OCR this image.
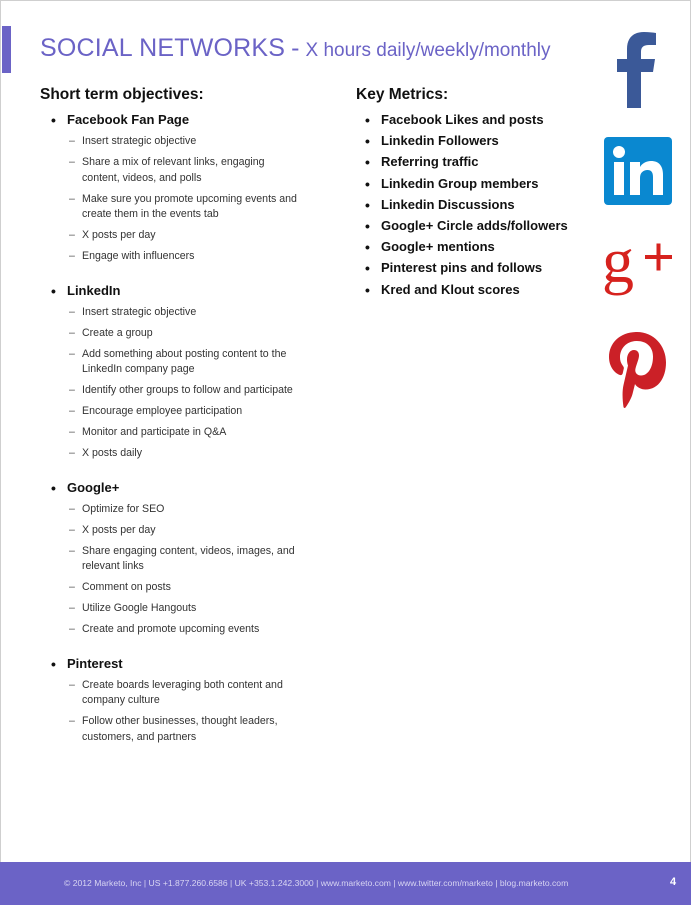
SOCIAL NETWORKS - X hours daily/weekly/monthly
Short term objectives:	Key Metrics:
• Facebook Fan Page
– Insert strategic objective
– Share a mix of relevant links, engaging content, videos, and polls
– Make sure you promote upcoming events and create them in the events tab
– X posts per day
– Engage with influencers
• LinkedIn
– Insert strategic objective
– Create a group
– Add something about posting content to the LinkedIn company page
– Identify other groups to follow and participate
– Encourage employee participation
– Monitor and participate in Q&A
– X posts daily
• Google+
– Optimize for SEO
– X posts per day
– Share engaging content, videos, images, and relevant links
– Comment on posts
– Utilize Google Hangouts
– Create and promote upcoming events
• Pinterest
– Create boards leveraging both content and company culture
– Follow other businesses, thought leaders, customers, and partners
• Facebook Likes and posts
• Linkedin Followers
• Referring traffic
• Linkedin Group members
• Linkedin Discussions
• Google+ Circle adds/followers
• Google+ mentions
• Pinterest pins and follows
• Kred and Klout scores	g
© 2012 Marketo, Inc | US +1.877.260.6586 | UK +353.1.242.3000 | www.marketo.com | www.twitter.com/marketo | blog.marketo.com	4
